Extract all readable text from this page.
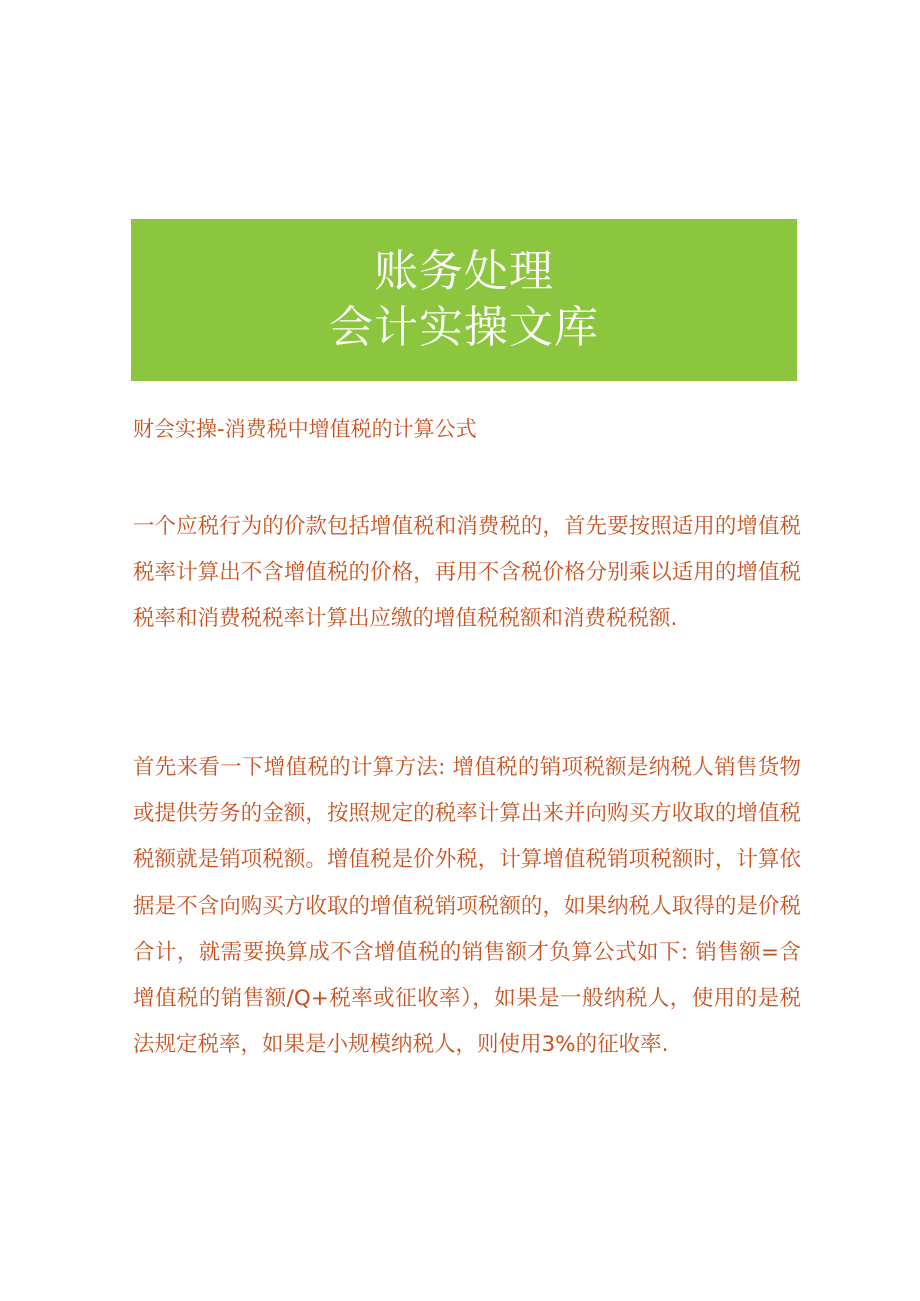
账务处理
会计实操文库
财会实操-消费税中增值税的计算公式

一个应税行为的价款包括增值税和消费税的，首先要按照适用的增值税税率计算出不含增值税的价格，再用不含税价格分别乘以适用的增值税税率和消费税税率计算出应缴的增值税税额和消费税税额.

首先来看一下增值税的计算方法: 增值税的销项税额是纳税人销售货物或提供劳务的金额，按照规定的税率计算出来并向购买方收取的增值税税额就是销项税额。增值税是价外税，计算增值税销项税额时，计算依据是不含向购买方收取的增值税销项税额的，如果纳税人取得的是价税合计，就需要换算成不含增值税的销售额才负算公式如下: 销售额=含增值税的销售额/Q+税率或征收率），如果是一般纳税人，使用的是税法规定税率，如果是小规模纳税人，则使用3%的征收率.
